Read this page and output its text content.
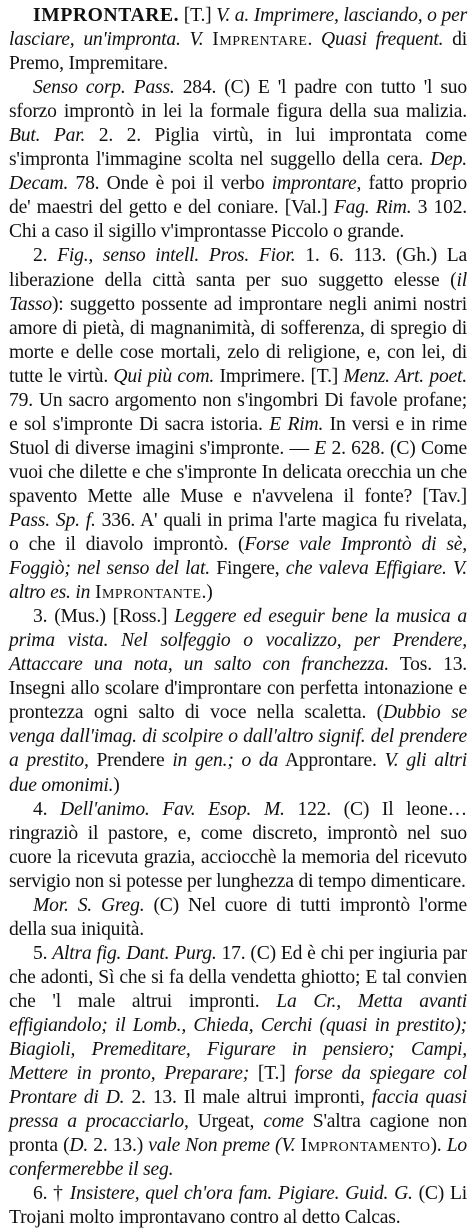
IMPRONTARE. [T.] V. a. Imprimere, lasciando, o per lasciare, un'impronta. V. Imprentare. Quasi frequent. di Premo, Impremitare.

Senso corp. Pass. 284. (C) E 'l padre con tutto 'l suo sforzo improntò in lei la formale figura della sua malizia. But. Par. 2. 2. Piglia virtù, in lui improntata come s'impronta l'immagine scolta nel suggello della cera. Dep. Decam. 78. Onde è poi il verbo improntare, fatto proprio de' maestri del getto e del coniare. [Val.] Fag. Rim. 3 102. Chi a caso il sigillo v'improntasse Piccolo o grande.

2. Fig., senso intell. Pros. Fior. 1. 6. 113. (Gh.) La liberazione della città santa per suo suggetto elesse (il Tasso): suggetto possente ad improntare negli animi nostri amore di pietà, di magnanimità, di sofferenza, di spregio di morte e delle cose mortali, zelo di religione, e, con lei, di tutte le virtù. Qui più com. Imprimere. [T.] Menz. Art. poet. 79. Un sacro argomento non s'ingombri Di favole profane; e sol s'impronte Di sacra istoria. E Rim. In versi e in rime Stuol di diverse imagini s'impronte. — E 2. 628. (C) Come vuoi che dilette e che s'impronte In delicata orecchia un che spavento Mette alle Muse e n'avvelena il fonte? [Tav.] Pass. Sp. f. 336. A' quali in prima l'arte magica fu rivelata, o che il diavolo improntò. (Forse vale Improntò di sè, Foggiò; nel senso del lat. Fingere, che valeva Effigiare. V. altro es. in Improntante.)

3. (Mus.) [Ross.] Leggere ed eseguir bene la musica a prima vista. Nel solfeggio o vocalizzo, per Prendere, Attaccare una nota, un salto con franchezza. Tos. 13. Insegni allo scolare d'improntare con perfetta intonazione e prontezza ogni salto di voce nella scaletta. (Dubbio se venga dall'imag. di scolpire o dall'altro signif. del prendere a prestito, Prendere in gen.; o da Approntare. V. gli altri due omonimi.)

4. Dell'animo. Fav. Esop. M. 122. (C) Il leone… ringraziò il pastore, e, come discreto, improntò nel suo cuore la ricevuta grazia, acciocchè la memoria del ricevuto servigio non si potesse per lunghezza di tempo dimenticare.

Mor. S. Greg. (C) Nel cuore di tutti improntò l'orme della sua iniquità.

5. Altra fig. Dant. Purg. 17. (C) Ed è chi per ingiuria par che adonti, Sì che si fa della vendetta ghiotto; E tal convien che 'l male altrui impronti. La Cr., Metta avanti effigiandolo; il Lomb., Chieda, Cerchi (quasi in prestito); Biagioli, Premeditare, Figurare in pensiero; Campi, Mettere in pronto, Preparare; [T.] forse da spiegare col Prontare di D. 2. 13. Il male altrui impronti, faccia quasi pressa a procacciarlo, Urgeat, come S'altra cagione non pronta (D. 2. 13.) vale Non preme (V. Improntamento). Lo confermerebbe il seg.

6. † Insistere, quel ch'ora fam. Pigiare. Guid. G. (C) Li Trojani molto improntavano contro al detto Calcas.
